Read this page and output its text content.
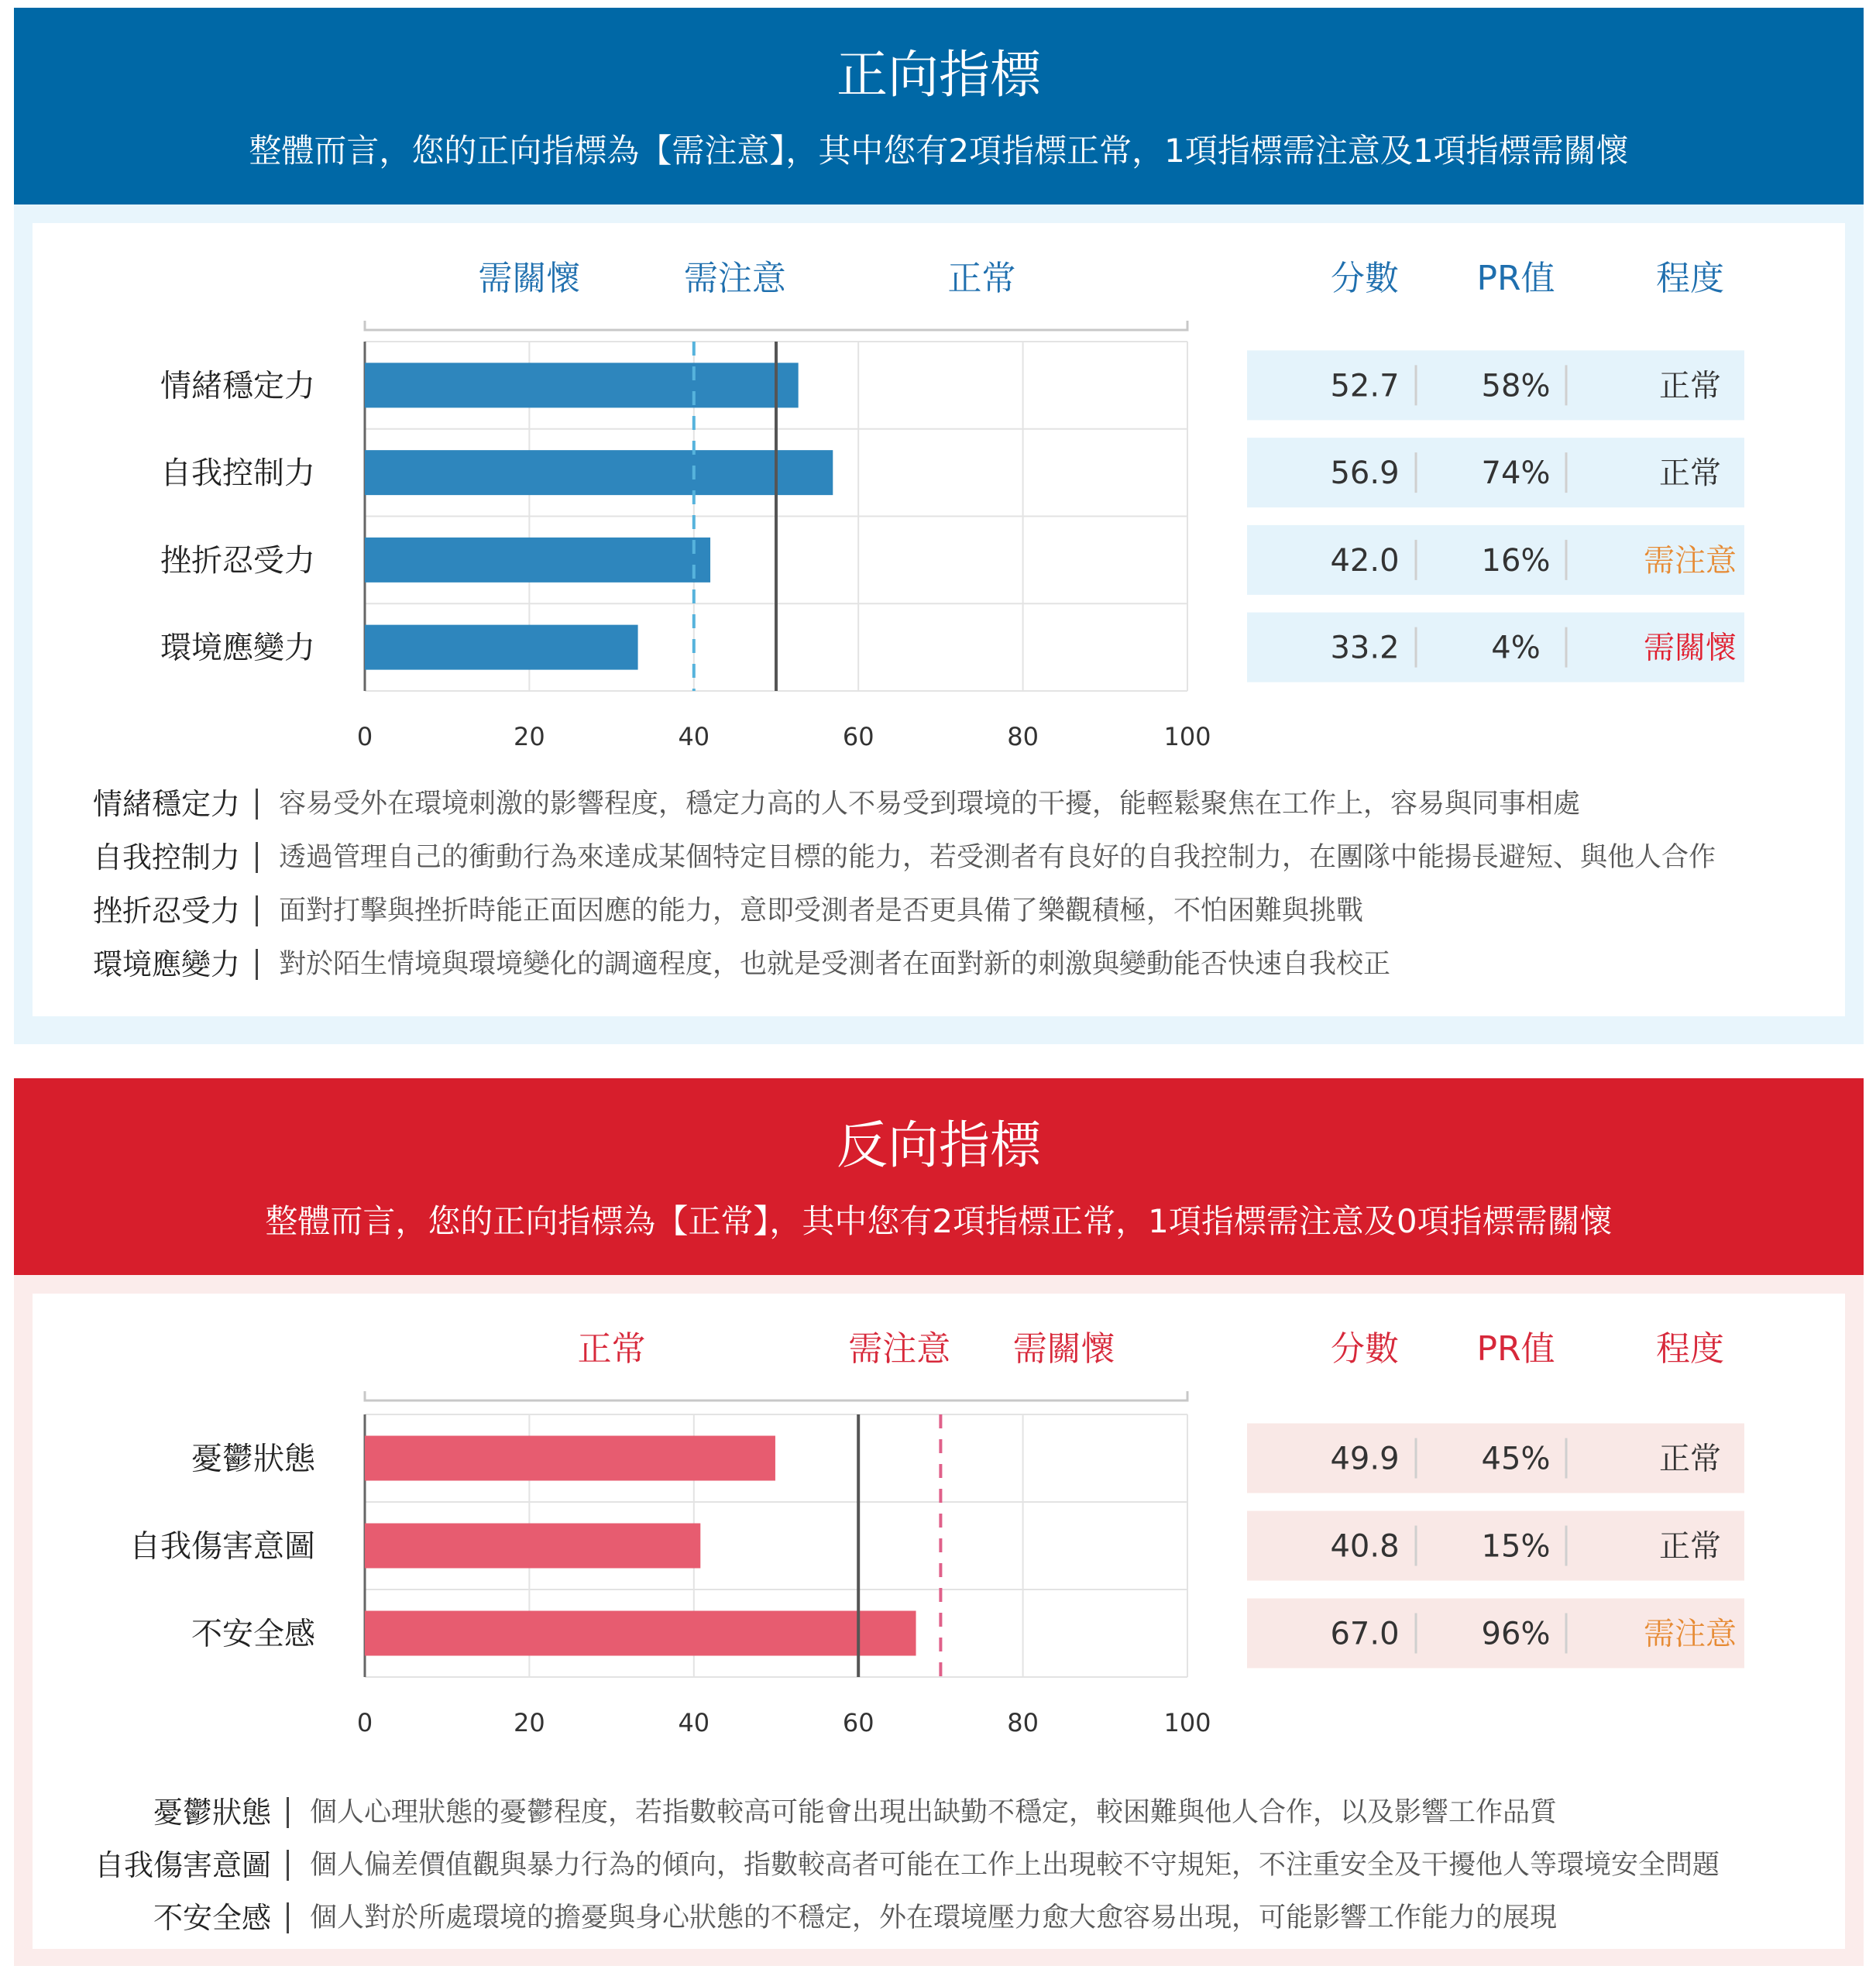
正向指標
整體而言，您的正向指標為【需注意】，其中您有2項指標正常，1項指標需注意及1項指標需關懷
需關懷	需注意	正常
情緒穩定力
自我控制力
挫折忍受力
環境應變力
0	20	40	60	80	100
分數 PR值	程度
52.7	58%	正常
56.9	74%	正常
42.0	16%	需注意
33.2	4%	需關懷
情緒穩定力 容易受外在環境刺激的影響程度，穩定力高的人不易受到環境的干擾，能輕鬆聚焦在工作上，容易與同事相處
自我控制力 透過管理自己的衝動行為來達成某個特定目標的能力，若受測者有良好的自我控制力，在團隊中能揚長避短、與他人合作
挫折忍受力 面對打擊與挫折時能正面因應的能力，意即受測者是否更具備了樂觀積極，不怕困難與挑戰
環境應變力 對於陌生情境與環境變化的調適程度，也就是受測者在面對新的刺激與變動能否快速自我校正
反向指標
整體而言，您的正向指標為【正常】，其中您有2項指標正常，1項指標需注意及0項指標需關懷
正常	需注意 需關懷
憂鬱狀態
自我傷害意圖
不安全感
0	20	40	60	80	100
分數 PR值	程度
49.9	45%	正常
40.8	15%	正常
67.0	96%	需注意
憂鬱狀態 個人心理狀態的憂鬱程度，若指數較高可能會出現出缺勤不穩定，較困難與他人合作，以及影響工作品質
自我傷害意圖 個人偏差價值觀與暴力行為的傾向，指數較高者可能在工作上出現較不守規矩，不注重安全及干擾他人等環境安全問題
不安全感 個人對於所處環境的擔憂與身心狀態的不穩定，外在環境壓力愈大愈容易出現，可能影響工作能力的展現
